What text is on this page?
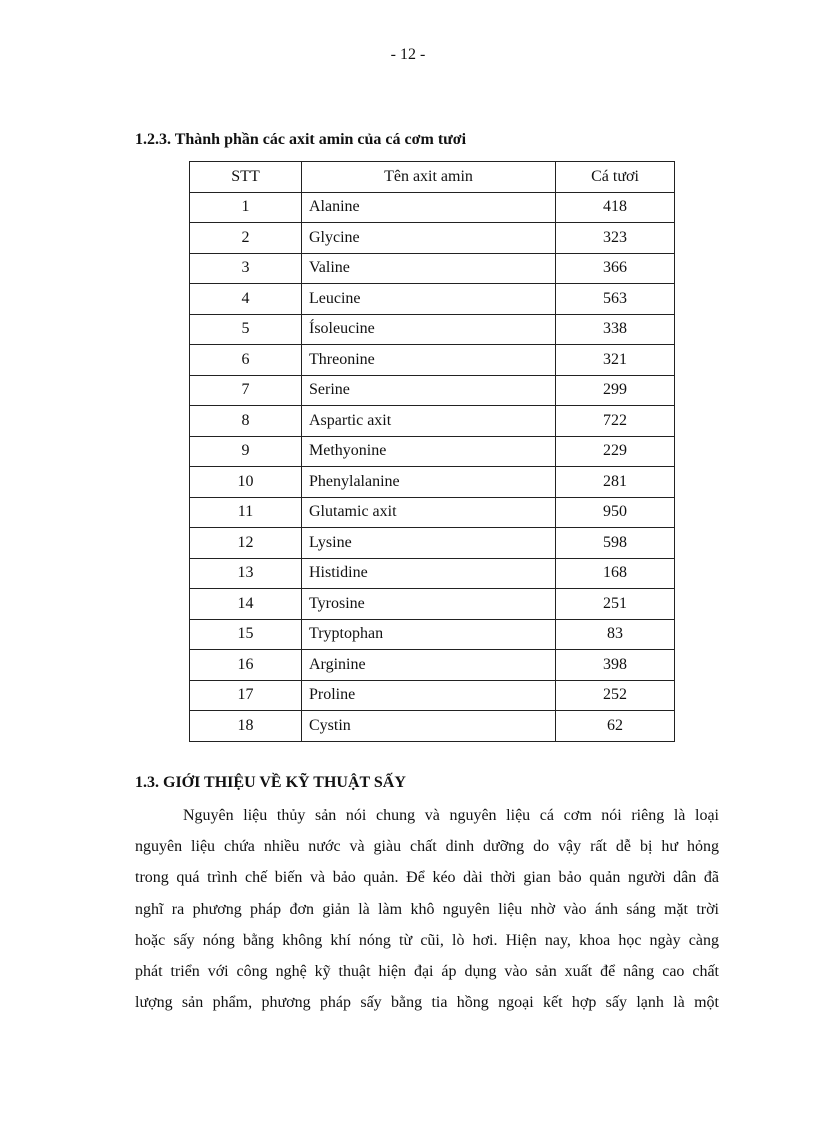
- 12 -
1.2.3. Thành phần các axit amin của cá cơm tươi
STT	Tên axit amin	Cá tươi
1	Alanine	418
2	Glycine	323
3	Valine	366
4	Leucine	563
5	Ísoleucine	338
6	Threonine	321
7	Serine	299
8	Aspartic axit	722
9	Methyonine	229
10	Phenylalanine	281
11	Glutamic axit	950
12	Lysine	598
13	Histidine	168
14	Tyrosine	251
15	Tryptophan	83
16	Arginine	398
17	Proline	252
18	Cystin	62
1.3. GIỚI THIỆU VỀ KỸ THUẬT SẤY
Nguyên liệu thủy sản nói chung và nguyên liệu cá cơm nói riêng là loại
nguyên liệu chứa nhiều nước và giàu chất dinh dưỡng do vậy rất dễ bị hư hỏng
trong quá trình chế biến và bảo quản. Để kéo dài thời gian bảo quản người dân đã
nghĩ ra phương pháp đơn giản là làm khô nguyên liệu nhờ vào ánh sáng mặt trời
hoặc sấy nóng bằng không khí nóng từ cũi, lò hơi. Hiện nay, khoa học ngày càng
phát triển với công nghệ kỹ thuật hiện đại áp dụng vào sản xuất để nâng cao chất
lượng sản phẩm, phương pháp sấy bằng tia hồng ngoại kết hợp sấy lạnh là một
